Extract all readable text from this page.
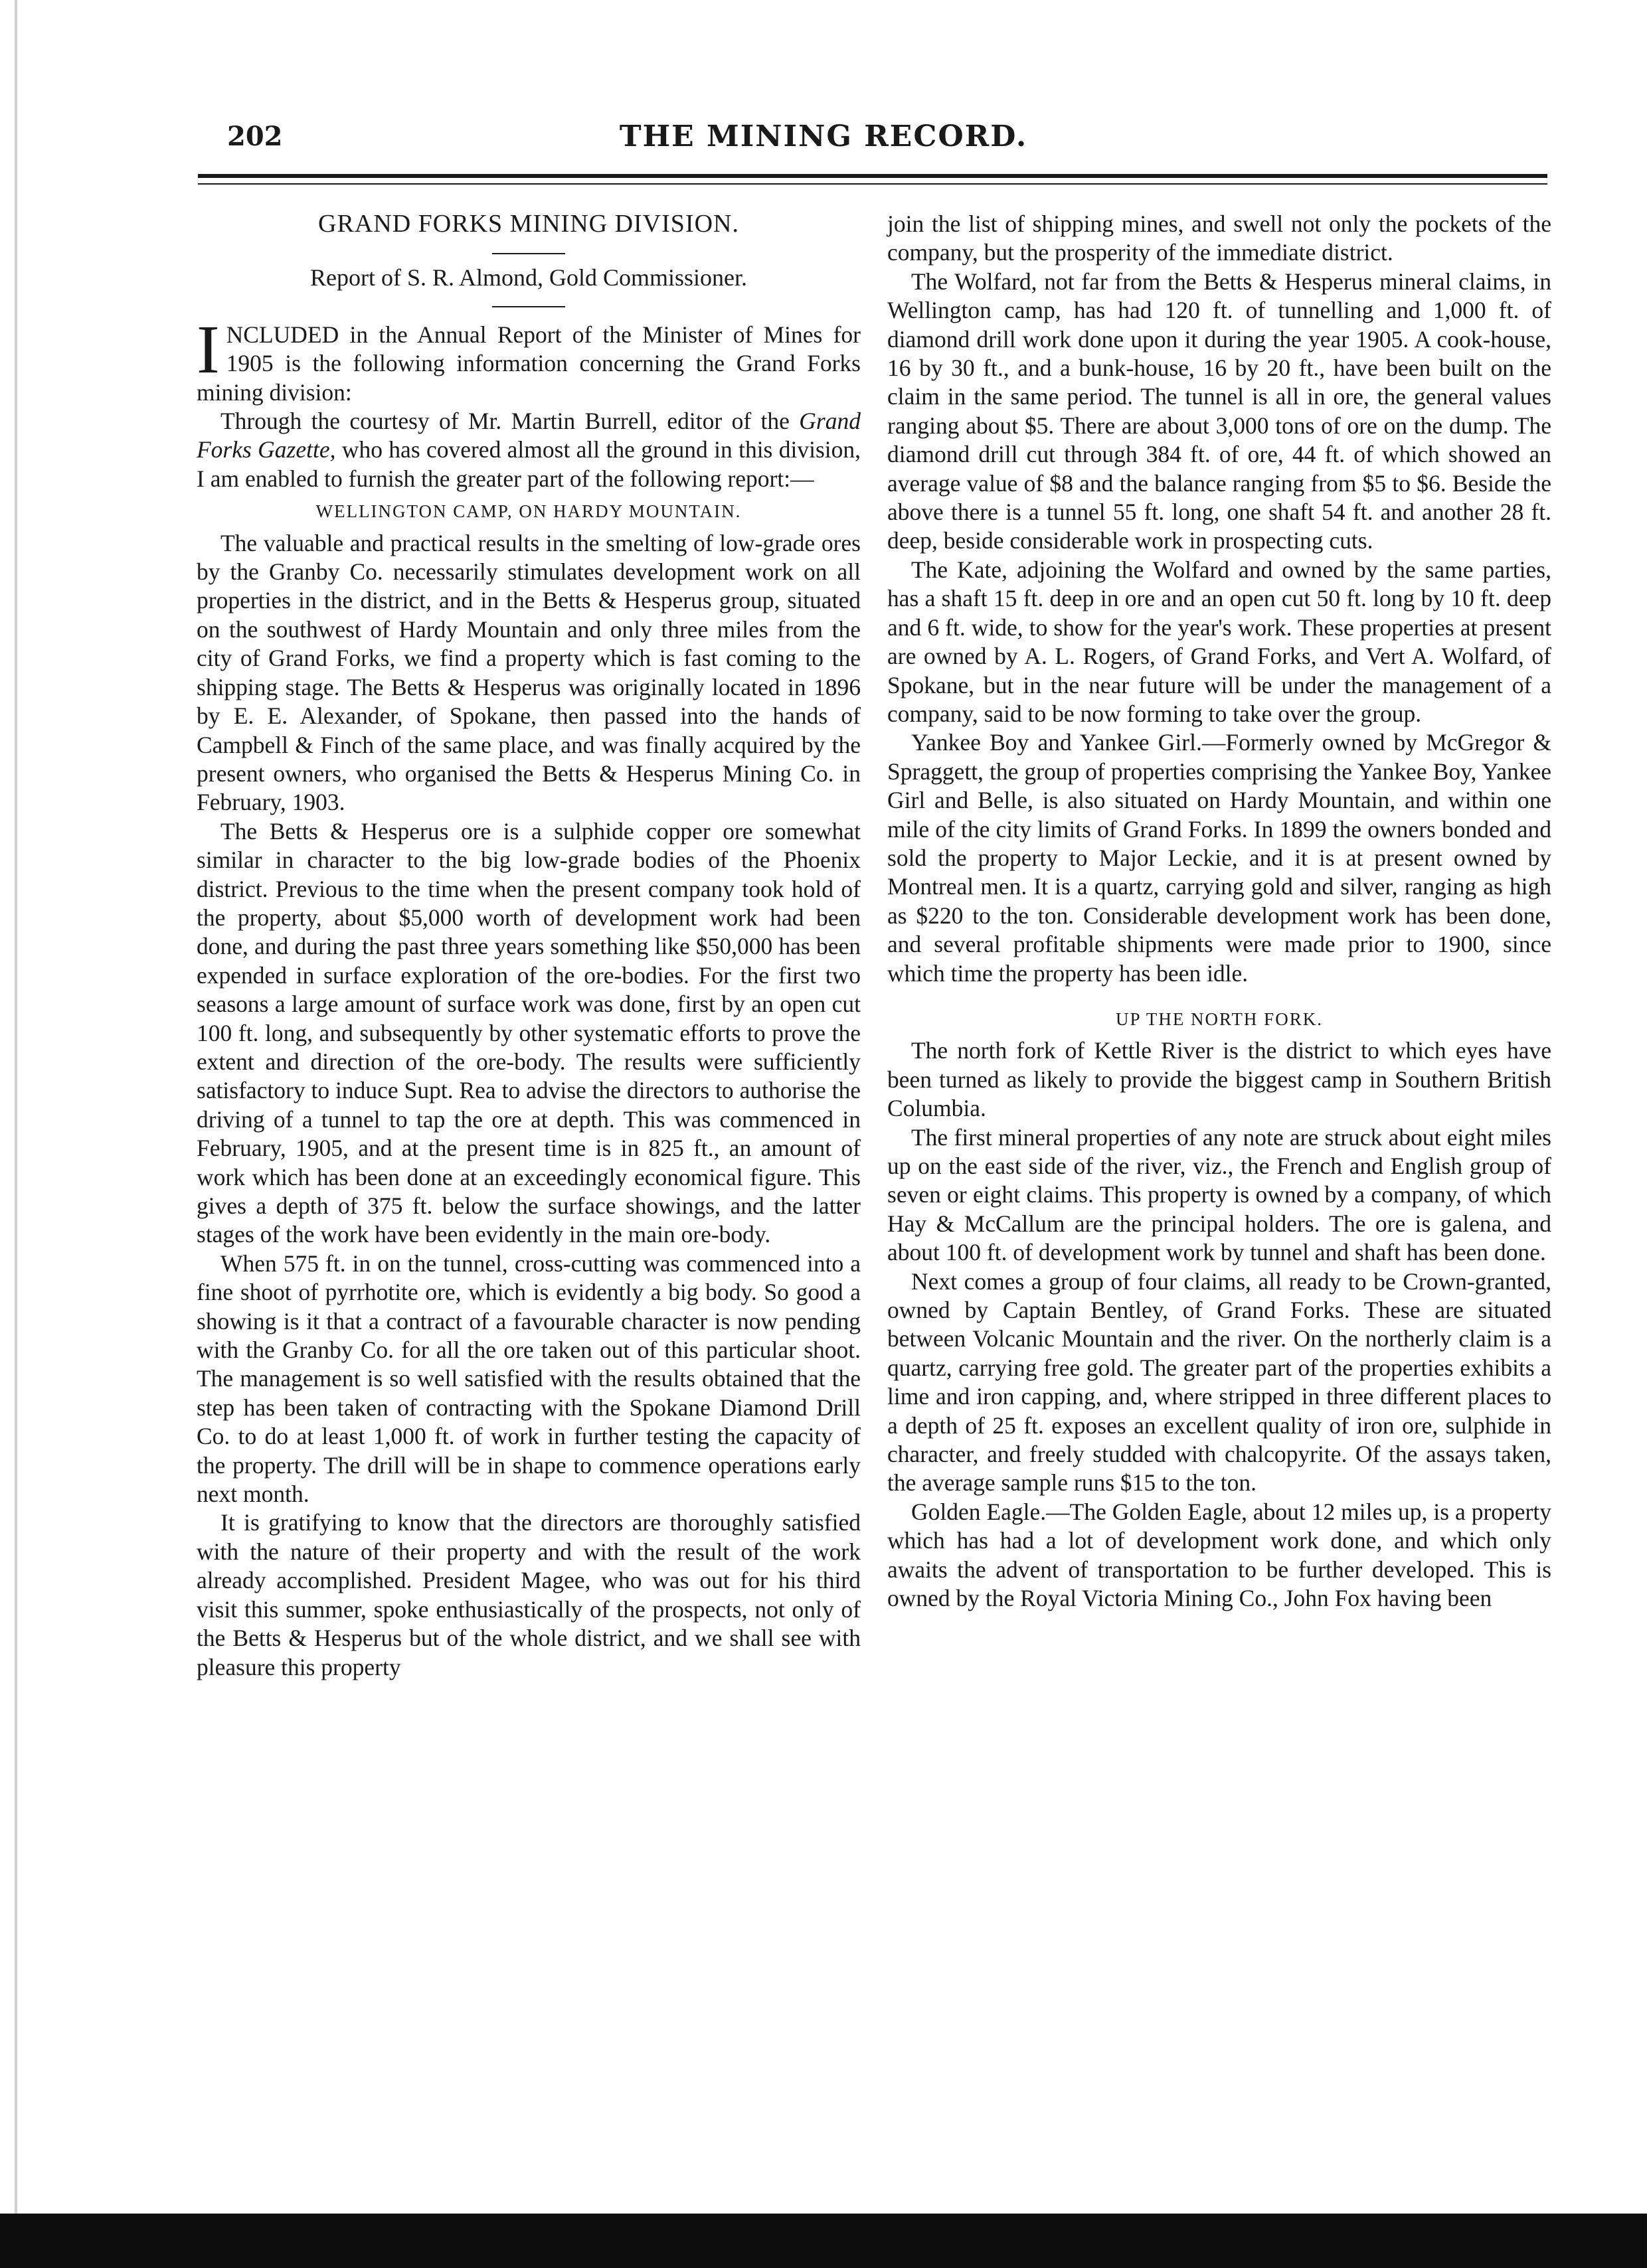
202	THE MINING RECORD.
GRAND FORKS MINING DIVISION.
Report of S. R. Almond, Gold Commissioner.

INCLUDED in the Annual Report of the Minister of Mines for 1905 is the following information concerning the Grand Forks mining division:

Through the courtesy of Mr. Martin Burrell, editor of the Grand Forks Gazette, who has covered almost all the ground in this division, I am enabled to furnish the greater part of the following report:—

WELLINGTON CAMP, ON HARDY MOUNTAIN.

The valuable and practical results in the smelting of low-grade ores by the Granby Co. necessarily stimulates development work on all properties in the district, and in the Betts & Hesperus group, situated on the southwest of Hardy Mountain and only three miles from the city of Grand Forks, we find a property which is fast coming to the shipping stage. The Betts & Hesperus was originally located in 1896 by E. E. Alexander, of Spokane, then passed into the hands of Campbell & Finch of the same place, and was finally acquired by the present owners, who organised the Betts & Hesperus Mining Co. in February, 1903.

The Betts & Hesperus ore is a sulphide copper ore somewhat similar in character to the big low-grade bodies of the Phoenix district. Previous to the time when the present company took hold of the property, about $5,000 worth of development work had been done, and during the past three years something like $50,000 has been expended in surface exploration of the ore-bodies. For the first two seasons a large amount of surface work was done, first by an open cut 100 ft. long, and subsequently by other systematic efforts to prove the extent and direction of the ore-body. The results were sufficiently satisfactory to induce Supt. Rea to advise the directors to authorise the driving of a tunnel to tap the ore at depth. This was commenced in February, 1905, and at the present time is in 825 ft., an amount of work which has been done at an exceedingly economical figure. This gives a depth of 375 ft. below the surface showings, and the latter stages of the work have been evidently in the main ore-body.

When 575 ft. in on the tunnel, cross-cutting was commenced into a fine shoot of pyrrhotite ore, which is evidently a big body. So good a showing is it that a contract of a favourable character is now pending with the Granby Co. for all the ore taken out of this particular shoot. The management is so well satisfied with the results obtained that the step has been taken of contracting with the Spokane Diamond Drill Co. to do at least 1,000 ft. of work in further testing the capacity of the property. The drill will be in shape to commence operations early next month.

It is gratifying to know that the directors are thoroughly satisfied with the nature of their property and with the result of the work already accomplished. President Magee, who was out for his third visit this summer, spoke enthusiastically of the prospects, not only of the Betts & Hesperus but of the whole district, and we shall see with pleasure this property

join the list of shipping mines, and swell not only the pockets of the company, but the prosperity of the immediate district.

The Wolfard, not far from the Betts & Hesperus mineral claims, in Wellington camp, has had 120 ft. of tunnelling and 1,000 ft. of diamond drill work done upon it during the year 1905. A cook-house, 16 by 30 ft., and a bunk-house, 16 by 20 ft., have been built on the claim in the same period. The tunnel is all in ore, the general values ranging about $5. There are about 3,000 tons of ore on the dump. The diamond drill cut through 384 ft. of ore, 44 ft. of which showed an average value of $8 and the balance ranging from $5 to $6. Beside the above there is a tunnel 55 ft. long, one shaft 54 ft. and another 28 ft. deep, beside considerable work in prospecting cuts.

The Kate, adjoining the Wolfard and owned by the same parties, has a shaft 15 ft. deep in ore and an open cut 50 ft. long by 10 ft. deep and 6 ft. wide, to show for the year's work. These properties at present are owned by A. L. Rogers, of Grand Forks, and Vert A. Wolfard, of Spokane, but in the near future will be under the management of a company, said to be now forming to take over the group.

Yankee Boy and Yankee Girl.—Formerly owned by McGregor & Spraggett, the group of properties comprising the Yankee Boy, Yankee Girl and Belle, is also situated on Hardy Mountain, and within one mile of the city limits of Grand Forks. In 1899 the owners bonded and sold the property to Major Leckie, and it is at present owned by Montreal men. It is a quartz, carrying gold and silver, ranging as high as $220 to the ton. Considerable development work has been done, and several profitable shipments were made prior to 1900, since which time the property has been idle.

UP THE NORTH FORK.

The north fork of Kettle River is the district to which eyes have been turned as likely to provide the biggest camp in Southern British Columbia.

The first mineral properties of any note are struck about eight miles up on the east side of the river, viz., the French and English group of seven or eight claims. This property is owned by a company, of which Hay & McCallum are the principal holders. The ore is galena, and about 100 ft. of development work by tunnel and shaft has been done.

Next comes a group of four claims, all ready to be Crown-granted, owned by Captain Bentley, of Grand Forks. These are situated between Volcanic Mountain and the river. On the northerly claim is a quartz, carrying free gold. The greater part of the properties exhibits a lime and iron capping, and, where stripped in three different places to a depth of 25 ft. exposes an excellent quality of iron ore, sulphide in character, and freely studded with chalcopyrite. Of the assays taken, the average sample runs $15 to the ton.

Golden Eagle.—The Golden Eagle, about 12 miles up, is a property which has had a lot of development work done, and which only awaits the advent of transportation to be further developed. This is owned by the Royal Victoria Mining Co., John Fox having been
